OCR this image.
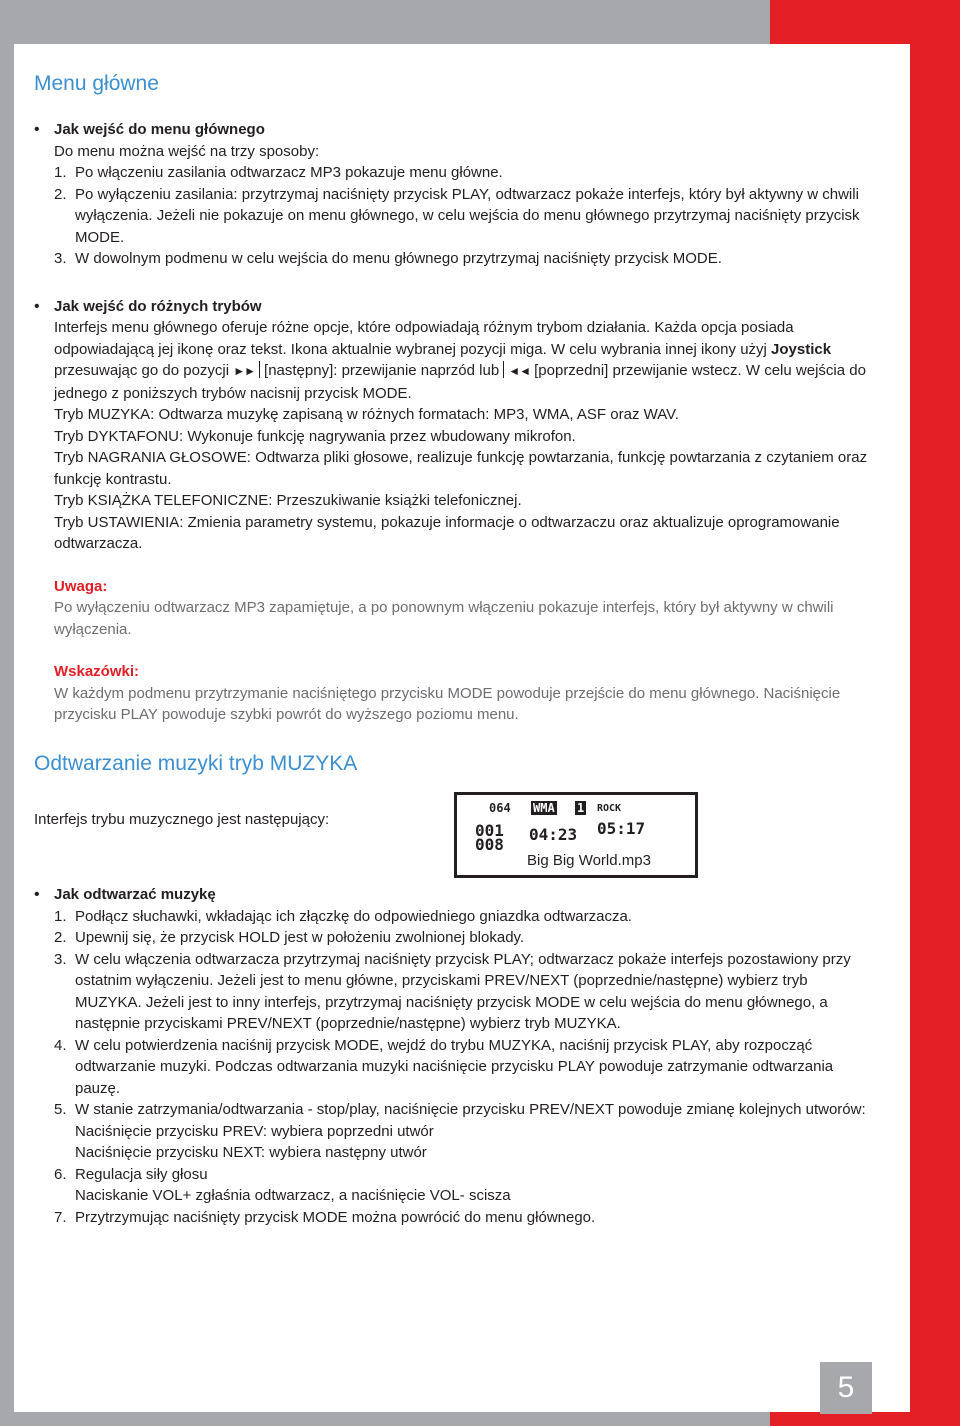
5
Menu główne

• Jak wejść do menu głównego

Do menu można wejść na trzy sposoby:

1. Po włączeniu zasilania odtwarzacz MP3 pokazuje menu główne.
2. Po wyłączeniu zasilania: przytrzymaj naciśnięty przycisk PLAY, odtwarzacz pokaże interfejs, który był aktywny w chwili wyłączenia. Jeżeli nie pokazuje on menu głównego, w celu wejścia do menu głównego przytrzymaj naciśnięty przycisk MODE.
3. W dowolnym podmenu w celu wejścia do menu głównego przytrzymaj naciśnięty przycisk MODE.

• Jak wejść do różnych trybów

Interfejs menu głównego oferuje różne opcje, które odpowiadają różnym trybom działania. Każda opcja posiada odpowiadającą jej ikonę oraz tekst. Ikona aktualnie wybranej pozycji miga. W celu wybrania innej ikony użyj Joystick przesuwając go do pozycji ►► [następny]: przewijanie naprzód lub ◄◄ [poprzedni] przewijanie wstecz. W celu wejścia do jednego z poniższych trybów nacisnij przycisk MODE.

Tryb MUZYKA: Odtwarza muzykę zapisaną w różnych formatach: MP3, WMA, ASF oraz WAV.

Tryb DYKTAFONU: Wykonuje funkcję nagrywania przez wbudowany mikrofon.

Tryb NAGRANIA GŁOSOWE: Odtwarza pliki głosowe, realizuje funkcję powtarzania, funkcję powtarzania z czytaniem oraz funkcję kontrastu.

Tryb KSIĄŻKA TELEFONICZNE: Przeszukiwanie książki telefonicznej.

Tryb USTAWIENIA: Zmienia parametry systemu, pokazuje informacje o odtwarzaczu oraz aktualizuje oprogramowanie odtwarzacza.

Uwaga:

Po wyłączeniu odtwarzacz MP3 zapamiętuje, a po ponownym włączeniu pokazuje interfejs, który był aktywny w chwili wyłączenia.

Wskazówki:

W każdym podmenu przytrzymanie naciśniętego przycisku MODE powoduje przejście do menu głównego. Naciśnięcie przycisku PLAY powoduje szybki powrót do wyższego poziomu menu.

Odtwarzanie muzyki tryb MUZYKA

Interfejs trybu muzycznego jest następujący:

• Jak odtwarzać muzykę

1. Podłącz słuchawki, wkładając ich złączkę do odpowiedniego gniazdka odtwarzacza.
2. Upewnij się, że przycisk HOLD jest w położeniu zwolnionej blokady.
3. W celu włączenia odtwarzacza przytrzymaj naciśnięty przycisk PLAY; odtwarzacz pokaże interfejs pozostawiony przy ostatnim wyłączeniu. Jeżeli jest to menu główne, przyciskami PREV/NEXT (poprzednie/następne) wybierz tryb MUZYKA. Jeżeli jest to inny interfejs, przytrzymaj naciśnięty przycisk MODE w celu wejścia do menu głównego, a następnie przyciskami PREV/NEXT (poprzednie/następne) wybierz tryb MUZYKA.
4. W celu potwierdzenia naciśnij przycisk MODE, wejdź do trybu MUZYKA, naciśnij przycisk PLAY, aby rozpocząć odtwarzanie muzyki. Podczas odtwarzania muzyki naciśnięcie przycisku PLAY powoduje zatrzymanie odtwarzania pauzę.
5. W stanie zatrzymania/odtwarzania - stop/play, naciśnięcie przycisku PREV/NEXT powoduje zmianę kolejnych utworów:

Naciśnięcie przycisku PREV: wybiera poprzedni utwór

Naciśnięcie przycisku NEXT: wybiera następny utwór

6. Regulacja siły głosu

Naciskanie VOL+ zgłaśnia odtwarzacz, a naciśnięcie VOL- scisza

7. Przytrzymując naciśnięty przycisk MODE można powrócić do menu głównego.
064 WMA 1 ROCK
001
008
04:23 05:17
Big Big World.mp3
